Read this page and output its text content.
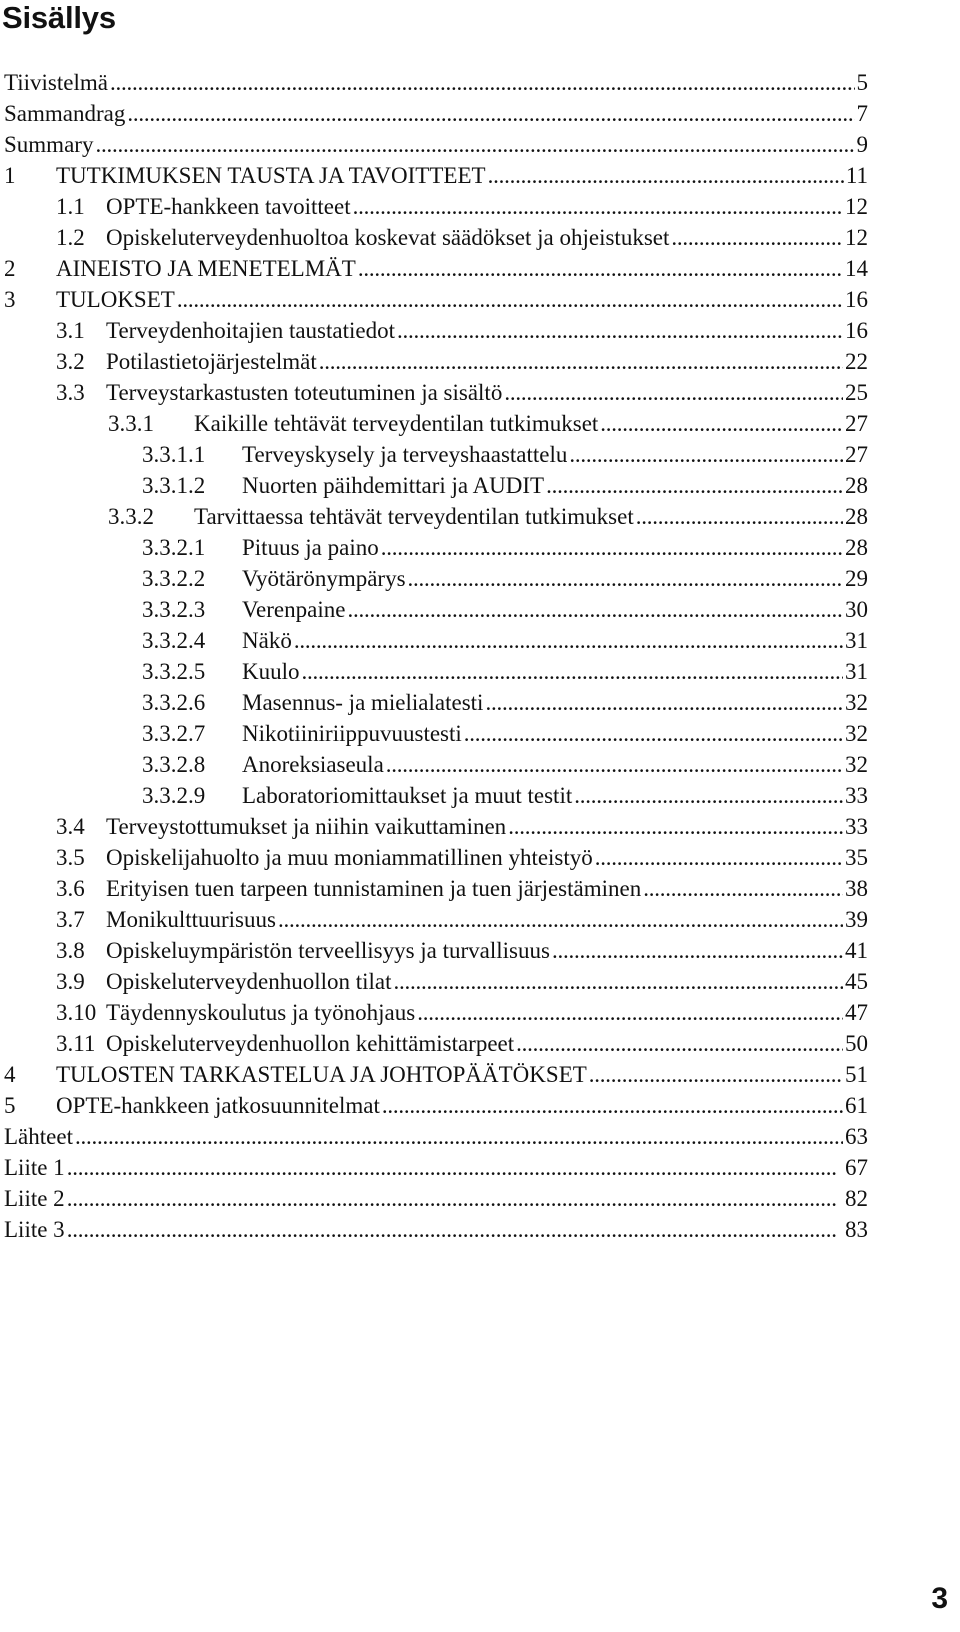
Sisällys
Tiivistelmä . . .	5
Sammandrag . . .	7
Summary . . .	9
1	TUTKIMUKSEN TAUSTA JA TAVOITTEET . . .	11
1.1 OPTE-hankkeen tavoitteet . . .	12
1.2 Opiskeluterveydenhuoltoa koskevat säädökset ja ohjeistukset . . .	12
2	AINEISTO JA MENETELMÄT . . .	14
3	TULOKSET . . .	16
3.1 Terveydenhoitajien taustatiedot . . .	16
3.2 Potilastietojärjestelmät . . .	22
3.3 Terveystarkastusten toteutuminen ja sisältö . . .	25
3.3.1	Kaikille tehtävät terveydentilan tutkimukset . . .	27
3.3.1.1	Terveyskysely ja terveyshaastattelu . . .	27
3.3.1.2	Nuorten päihdemittari ja AUDIT . . .	28
3.3.2	Tarvittaessa tehtävät terveydentilan tutkimukset . . .	28
3.3.2.1	Pituus ja paino . . .	28
3.3.2.2	Vyötärönympärys . . .	29
3.3.2.3	Verenpaine . . .	30
3.3.2.4	Näkö . . .	31
3.3.2.5	Kuulo . . .	31
3.3.2.6	Masennus- ja mielialatesti . . .	32
3.3.2.7	Nikotiiniriippuvuustesti . . .	32
3.3.2.8	Anoreksiaseula . . .	32
3.3.2.9	Laboratoriomittaukset ja muut testit . . .	33
3.4 Terveystottumukset ja niihin vaikuttaminen . . .	33
3.5 Opiskelijahuolto ja muu moniammatillinen yhteistyö . . .	35
3.6 Erityisen tuen tarpeen tunnistaminen ja tuen järjestäminen . . .	38
3.7 Monikulttuurisuus . . .	39
3.8 Opiskeluympäristön terveellisyys ja turvallisuus . . .	41
3.9 Opiskeluterveydenhuollon tilat . . .	45
3.10 Täydennyskoulutus ja työnohjaus . . .	47
3.11 Opiskeluterveydenhuollon kehittämistarpeet . . .	50
4	TULOSTEN TARKASTELUA JA JOHTOPÄÄTÖKSET . . .	51
5	OPTE-hankkeen jatkosuunnitelmat . . .	61
Lähteet . . .	63
Liite 1 . . .	67
Liite 2 . . .	82
Liite 3 . . .	83
3
